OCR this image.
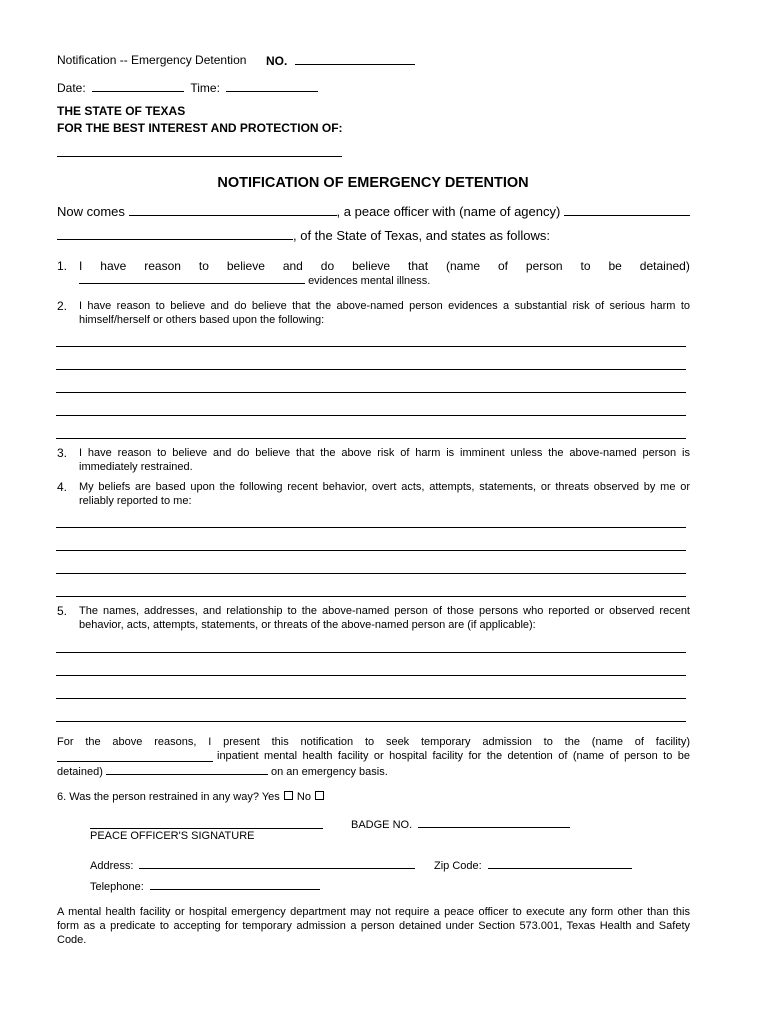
Notification -- Emergency Detention NO.
Date:	Time:
THE STATE OF TEXAS
FOR THE BEST INTEREST AND PROTECTION OF:
NOTIFICATION OF EMERGENCY DETENTION
Now comes	, a peace officer with (name of agency)
, of the State of Texas, and states as follows:
1. I have reason to believe and do believe that (name of person to be detained)
evidences mental illness.
2. I have reason to believe and do believe that the above-named person evidences a substantial risk of serious harm to
himself/herself or others based upon the following:
3. I have reason to believe and do believe that the above risk of harm is imminent unless the above-named person is
immediately restrained.
4. My beliefs are based upon the following recent behavior, overt acts, attempts, statements, or threats observed by me or
reliably reported to me:
5. The names, addresses, and relationship to the above-named person of those persons who reported or observed recent
behavior, acts, attempts, statements, or threats of the above-named person are (if applicable):
For the above reasons, I present this notification to seek temporary admission to the (name of facility)
inpatient mental health facility or hospital facility for the detention of (name of person to be
detained)	on an emergency basis.
6. Was the person restrained in any way? Yes No
PEACE OFFICER'S SIGNATURE
BADGE NO.
Address:	Zip Code:
Telephone:
A mental health facility or hospital emergency department may not require a peace officer to execute any form other than this
form as a predicate to accepting for temporary admission a person detained under Section 573.001, Texas Health and Safety
Code.
